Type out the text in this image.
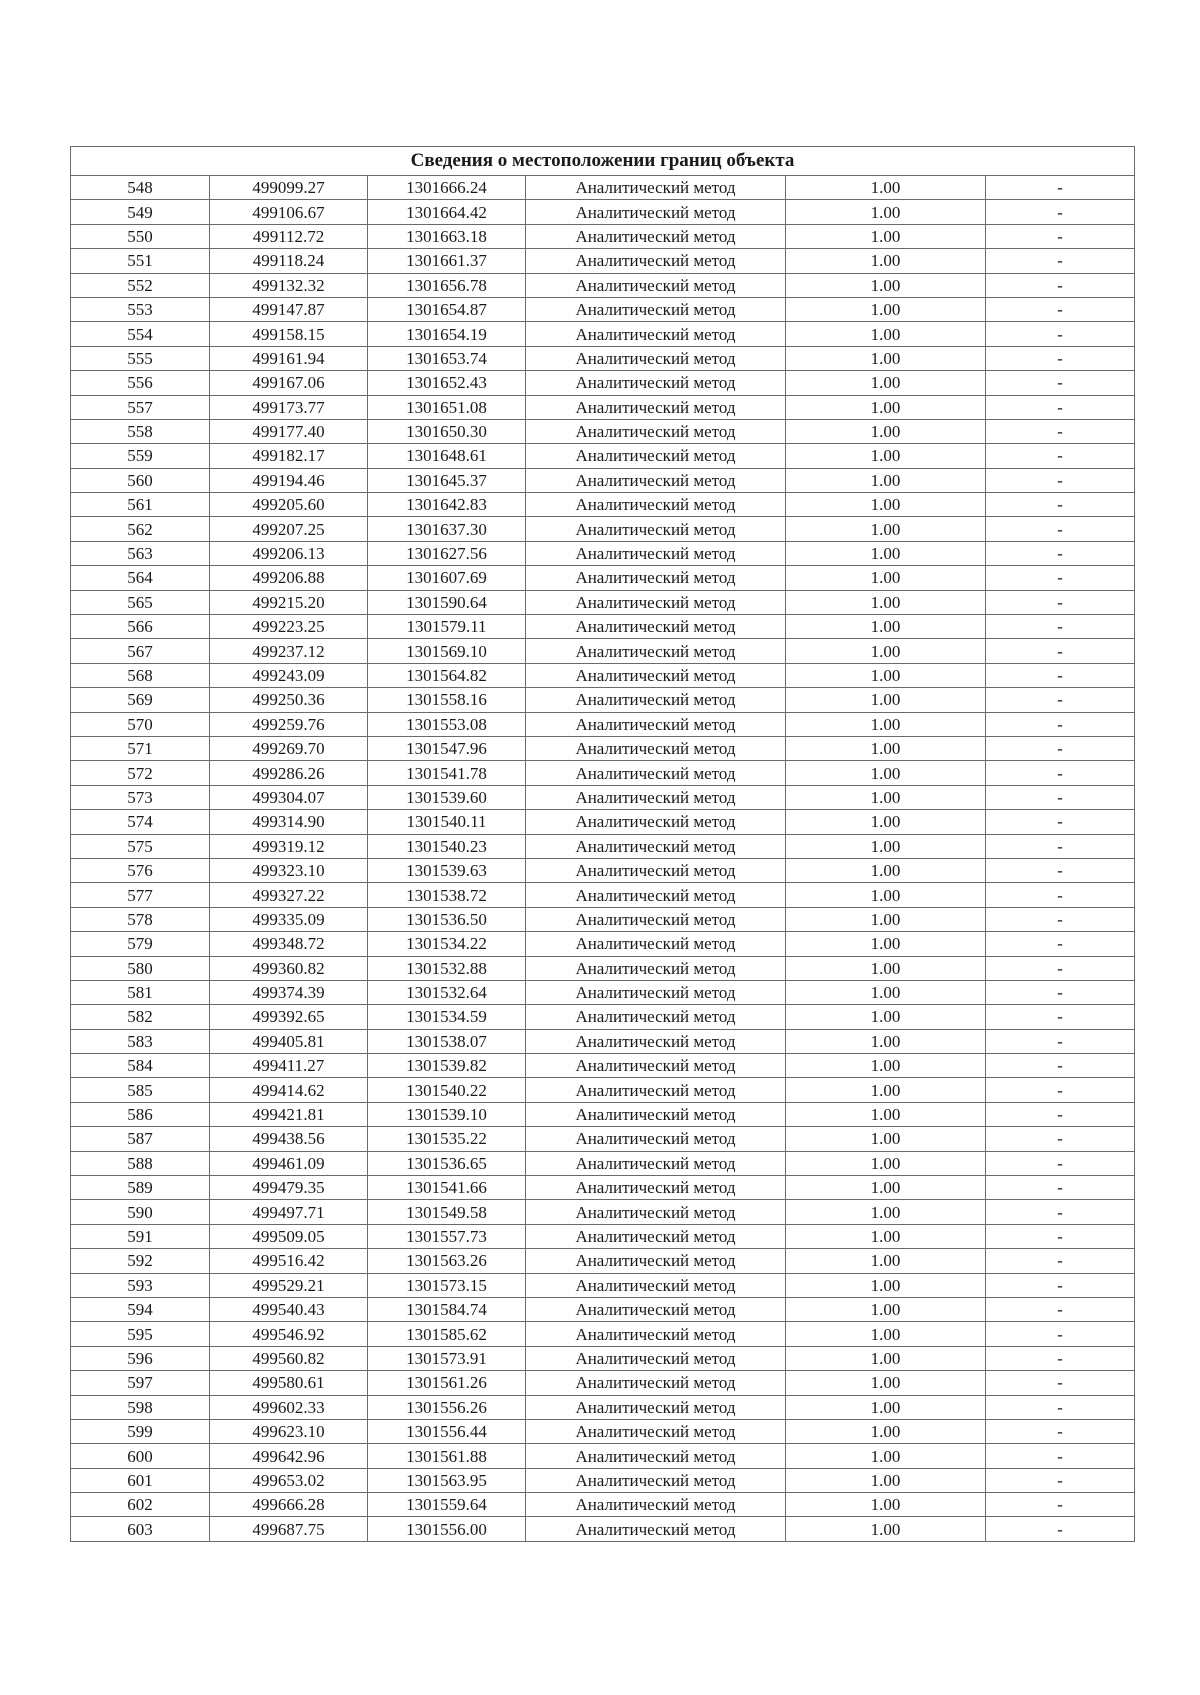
Сведения о местоположении границ объекта					
548	499099.27	1301666.24	Аналитический метод	1.00	-
549	499106.67	1301664.42	Аналитический метод	1.00	-
550	499112.72	1301663.18	Аналитический метод	1.00	-
551	499118.24	1301661.37	Аналитический метод	1.00	-
552	499132.32	1301656.78	Аналитический метод	1.00	-
553	499147.87	1301654.87	Аналитический метод	1.00	-
554	499158.15	1301654.19	Аналитический метод	1.00	-
555	499161.94	1301653.74	Аналитический метод	1.00	-
556	499167.06	1301652.43	Аналитический метод	1.00	-
557	499173.77	1301651.08	Аналитический метод	1.00	-
558	499177.40	1301650.30	Аналитический метод	1.00	-
559	499182.17	1301648.61	Аналитический метод	1.00	-
560	499194.46	1301645.37	Аналитический метод	1.00	-
561	499205.60	1301642.83	Аналитический метод	1.00	-
562	499207.25	1301637.30	Аналитический метод	1.00	-
563	499206.13	1301627.56	Аналитический метод	1.00	-
564	499206.88	1301607.69	Аналитический метод	1.00	-
565	499215.20	1301590.64	Аналитический метод	1.00	-
566	499223.25	1301579.11	Аналитический метод	1.00	-
567	499237.12	1301569.10	Аналитический метод	1.00	-
568	499243.09	1301564.82	Аналитический метод	1.00	-
569	499250.36	1301558.16	Аналитический метод	1.00	-
570	499259.76	1301553.08	Аналитический метод	1.00	-
571	499269.70	1301547.96	Аналитический метод	1.00	-
572	499286.26	1301541.78	Аналитический метод	1.00	-
573	499304.07	1301539.60	Аналитический метод	1.00	-
574	499314.90	1301540.11	Аналитический метод	1.00	-
575	499319.12	1301540.23	Аналитический метод	1.00	-
576	499323.10	1301539.63	Аналитический метод	1.00	-
577	499327.22	1301538.72	Аналитический метод	1.00	-
578	499335.09	1301536.50	Аналитический метод	1.00	-
579	499348.72	1301534.22	Аналитический метод	1.00	-
580	499360.82	1301532.88	Аналитический метод	1.00	-
581	499374.39	1301532.64	Аналитический метод	1.00	-
582	499392.65	1301534.59	Аналитический метод	1.00	-
583	499405.81	1301538.07	Аналитический метод	1.00	-
584	499411.27	1301539.82	Аналитический метод	1.00	-
585	499414.62	1301540.22	Аналитический метод	1.00	-
586	499421.81	1301539.10	Аналитический метод	1.00	-
587	499438.56	1301535.22	Аналитический метод	1.00	-
588	499461.09	1301536.65	Аналитический метод	1.00	-
589	499479.35	1301541.66	Аналитический метод	1.00	-
590	499497.71	1301549.58	Аналитический метод	1.00	-
591	499509.05	1301557.73	Аналитический метод	1.00	-
592	499516.42	1301563.26	Аналитический метод	1.00	-
593	499529.21	1301573.15	Аналитический метод	1.00	-
594	499540.43	1301584.74	Аналитический метод	1.00	-
595	499546.92	1301585.62	Аналитический метод	1.00	-
596	499560.82	1301573.91	Аналитический метод	1.00	-
597	499580.61	1301561.26	Аналитический метод	1.00	-
598	499602.33	1301556.26	Аналитический метод	1.00	-
599	499623.10	1301556.44	Аналитический метод	1.00	-
600	499642.96	1301561.88	Аналитический метод	1.00	-
601	499653.02	1301563.95	Аналитический метод	1.00	-
602	499666.28	1301559.64	Аналитический метод	1.00	-
603	499687.75	1301556.00	Аналитический метод	1.00	-
